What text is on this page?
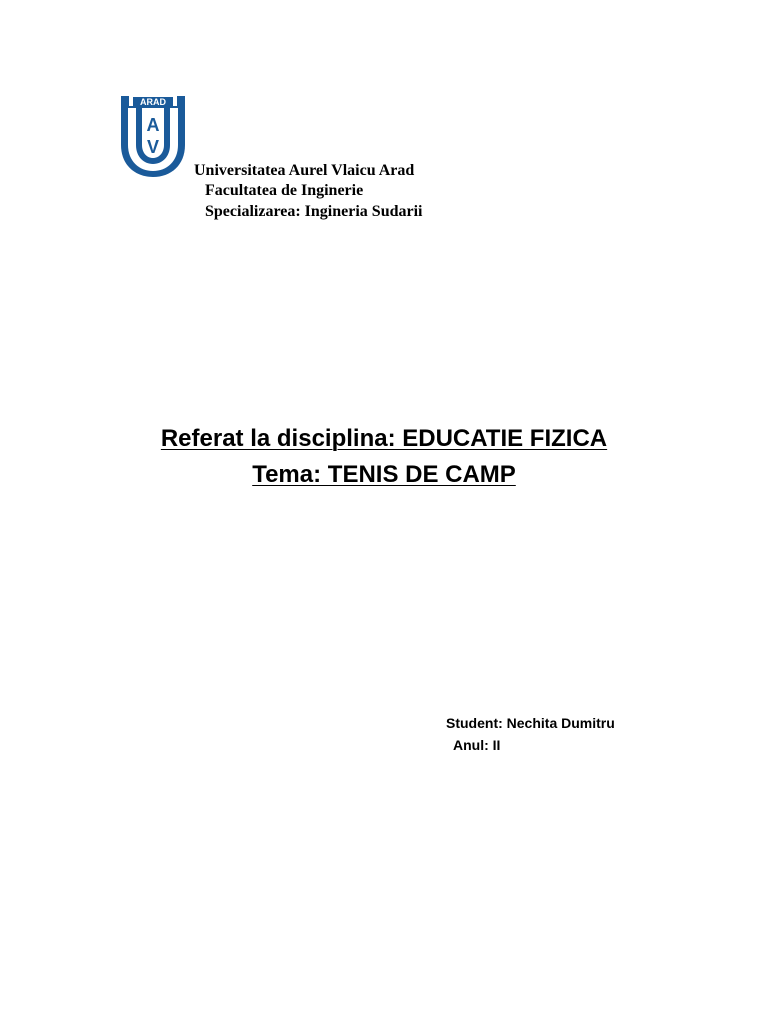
ARAD
A
V
Universitatea Aurel Vlaicu Arad
Facultatea de Inginerie
Specializarea: Ingineria Sudarii
Referat la disciplina: EDUCATIE FIZICA
Tema: TENIS DE CAMP
Student: Nechita Dumitru
Anul: II
